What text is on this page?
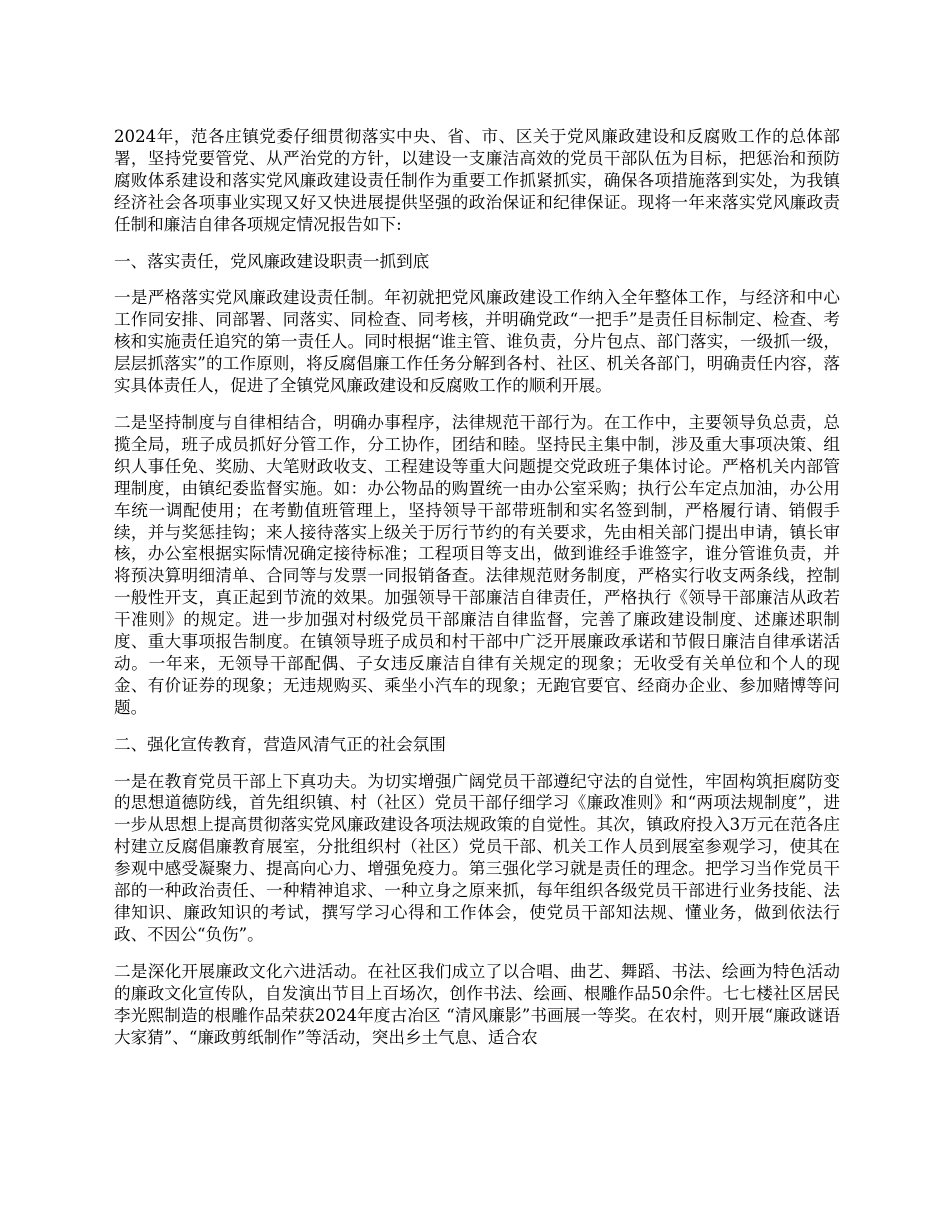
2024年，范各庄镇党委仔细贯彻落实中央、省、市、区关于党风廉政建设和反腐败工作的总体部署，坚持党要管党、从严治党的方针，以建设一支廉洁高效的党员干部队伍为目标，把惩治和预防腐败体系建设和落实党风廉政建设责任制作为重要工作抓紧抓实，确保各项措施落到实处，为我镇经济社会各项事业实现又好又快进展提供坚强的政治保证和纪律保证。现将一年来落实党风廉政责任制和廉洁自律各项规定情况报告如下:

一、落实责任，党风廉政建设职责一抓到底

一是严格落实党风廉政建设责任制。年初就把党风廉政建设工作纳入全年整体工作，与经济和中心工作同安排、同部署、同落实、同检查、同考核，并明确党政“一把手”是责任目标制定、检查、考核和实施责任追究的第一责任人。同时根据“谁主管、谁负责，分片包点、部门落实，一级抓一级，层层抓落实”的工作原则，将反腐倡廉工作任务分解到各村、社区、机关各部门，明确责任内容，落实具体责任人，促进了全镇党风廉政建设和反腐败工作的顺利开展。

二是坚持制度与自律相结合，明确办事程序，法律规范干部行为。在工作中，主要领导负总责，总揽全局，班子成员抓好分管工作，分工协作，团结和睦。坚持民主集中制，涉及重大事项决策、组织人事任免、奖励、大笔财政收支、工程建设等重大问题提交党政班子集体讨论。严格机关内部管理制度，由镇纪委监督实施。如：办公物品的购置统一由办公室采购；执行公车定点加油，办公用车统一调配使用；在考勤值班管理上，坚持领导干部带班制和实名签到制，严格履行请、销假手续，并与奖惩挂钩；来人接待落实上级关于厉行节约的有关要求，先由相关部门提出申请，镇长审核，办公室根据实际情况确定接待标准；工程项目等支出，做到谁经手谁签字，谁分管谁负责，并将预决算明细清单、合同等与发票一同报销备查。法律规范财务制度，严格实行收支两条线，控制一般性开支，真正起到节流的效果。加强领导干部廉洁自律责任，严格执行《领导干部廉洁从政若干准则》的规定。进一步加强对村级党员干部廉洁自律监督，完善了廉政建设制度、述廉述职制度、重大事项报告制度。在镇领导班子成员和村干部中广泛开展廉政承诺和节假日廉洁自律承诺活动。一年来，无领导干部配偶、子女违反廉洁自律有关规定的现象；无收受有关单位和个人的现金、有价证券的现象；无违规购买、乘坐小汽车的现象；无跑官要官、经商办企业、参加赌博等问题。

二、强化宣传教育，营造风清气正的社会氛围

一是在教育党员干部上下真功夫。为切实增强广阔党员干部遵纪守法的自觉性，牢固构筑拒腐防变的思想道德防线，首先组织镇、村（社区）党员干部仔细学习《廉政准则》和“两项法规制度”，进一步从思想上提高贯彻落实党风廉政建设各项法规政策的自觉性。其次，镇政府投入3万元在范各庄村建立反腐倡廉教育展室，分批组织村（社区）党员干部、机关工作人员到展室参观学习，使其在参观中感受凝聚力、提高向心力、增强免疫力。第三强化学习就是责任的理念。把学习当作党员干部的一种政治责任、一种精神追求、一种立身之原来抓，每年组织各级党员干部进行业务技能、法律知识、廉政知识的考试，撰写学习心得和工作体会，使党员干部知法规、懂业务，做到依法行政、不因公“负伤”。

二是深化开展廉政文化六进活动。在社区我们成立了以合唱、曲艺、舞蹈、书法、绘画为特色活动的廉政文化宣传队，自发演出节目上百场次，创作书法、绘画、根雕作品50余件。七七楼社区居民李光熙制造的根雕作品荣获2024年度古冶区 “清风廉影”书画展一等奖。在农村，则开展“廉政谜语大家猜”、“廉政剪纸制作”等活动，突出乡土气息、适合农
